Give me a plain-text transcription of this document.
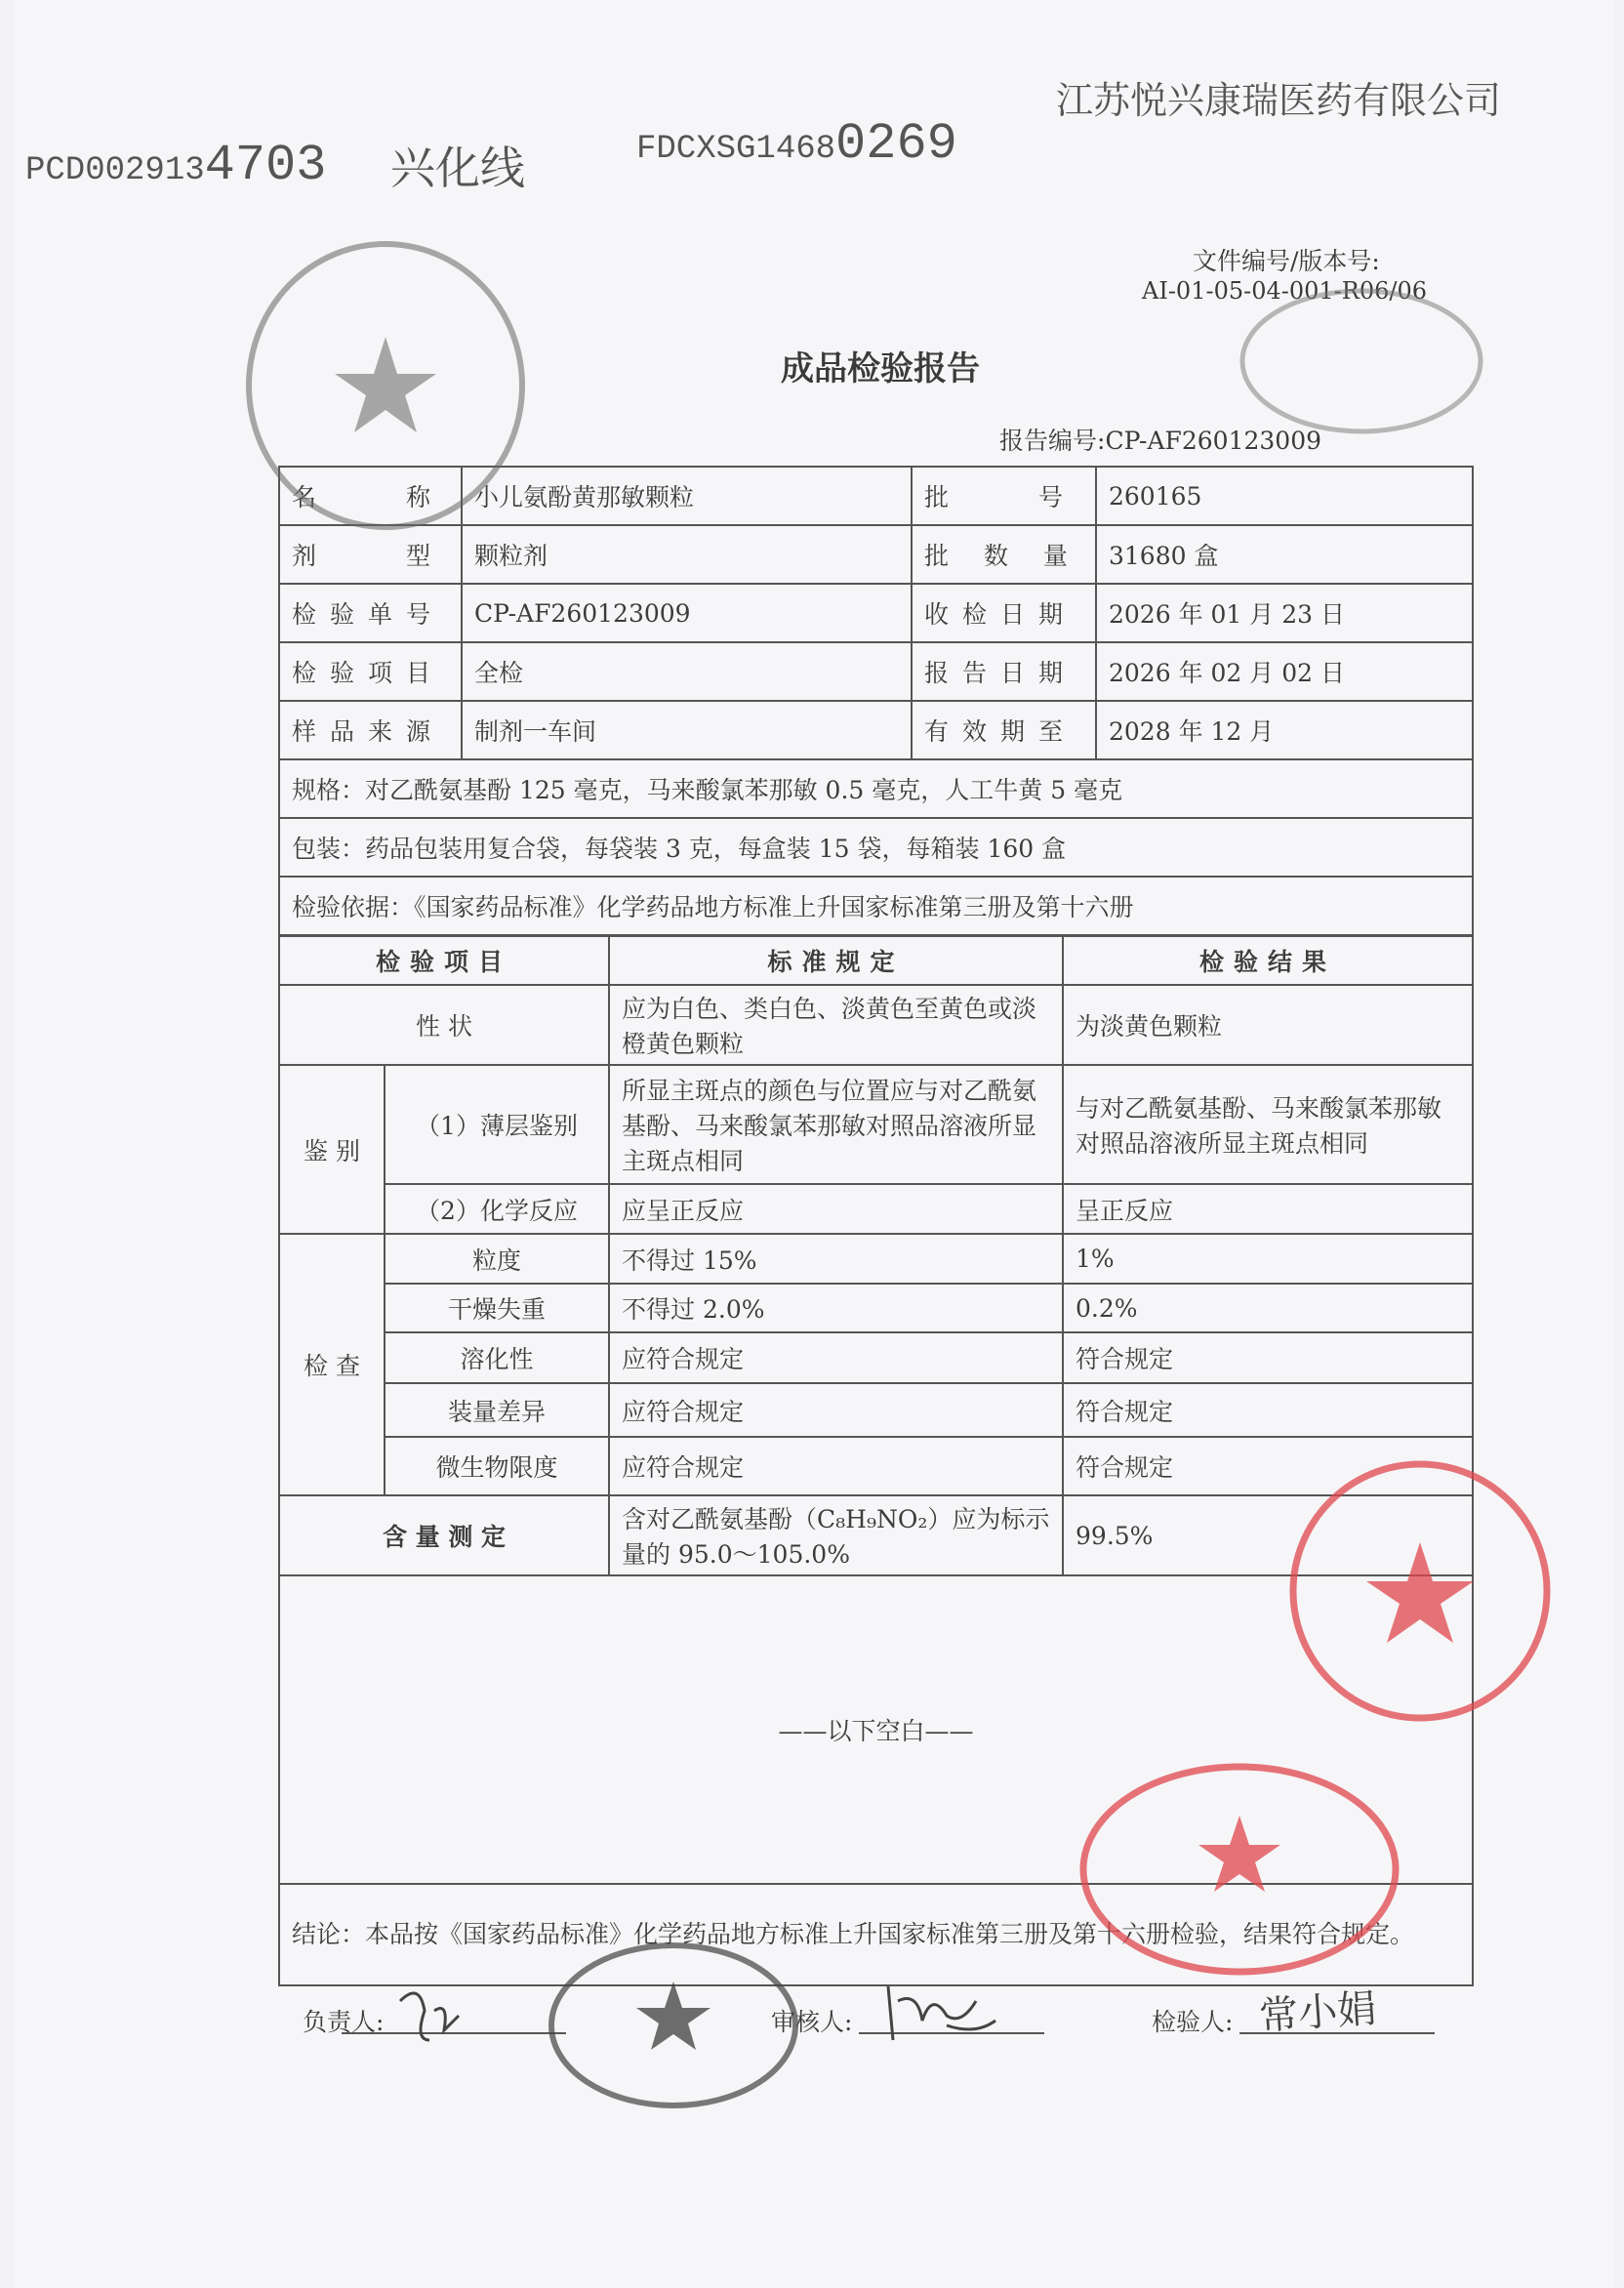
PCD0029134703 兴化线	FDCXSG14680269
江苏悦兴康瑞医药有限公司
文件编号/版本号:
AI-01-05-04-001-R06/06
成品检验报告
报告编号:CP-AF260123009
名　　称	小儿氨酚黄那敏颗粒	批　　号	260165
剂　　型	颗粒剂	批 数 量	31680 盒
检验单号	CP-AF260123009	收检日期	2026 年 01 月 23 日
检验项目	全检	报告日期	2026 年 02 月 02 日
样品来源	制剂一车间	有效期至	2028 年 12 月
规格：对乙酰氨基酚 125 毫克，马来酸氯苯那敏 0.5 毫克，人工牛黄 5 毫克			
包装：药品包装用复合袋，每袋装 3 克，每盒装 15 袋，每箱装 160 盒			
检验依据：《国家药品标准》化学药品地方标准上升国家标准第三册及第十六册			
检验项目		标准规定	检验结果
性 状		应为白色、类白色、淡黄色至黄色或淡橙黄色颗粒	为淡黄色颗粒
鉴 别	（1）薄层鉴别	所显主斑点的颜色与位置应与对乙酰氨基酚、马来酸氯苯那敏对照品溶液所显主斑点相同	与对乙酰氨基酚、马来酸氯苯那敏对照品溶液所显主斑点相同
	（2）化学反应	应呈正反应	呈正反应
检 查	粒度	不得过 15%	1%
	干燥失重	不得过 2.0%	0.2%
	溶化性	应符合规定	符合规定
	装量差异	应符合规定	符合规定
	微生物限度	应符合规定	符合规定
含 量 测 定		含对乙酰氨基酚（C₈H₉NO₂）应为标示量的 95.0～105.0%	99.5%
——以下空白——			
结论：本品按《国家药品标准》化学药品地方标准上升国家标准第三册及第十六册检验，结果符合规定。			
负责人:	审核人:	检验人: 常小娟
